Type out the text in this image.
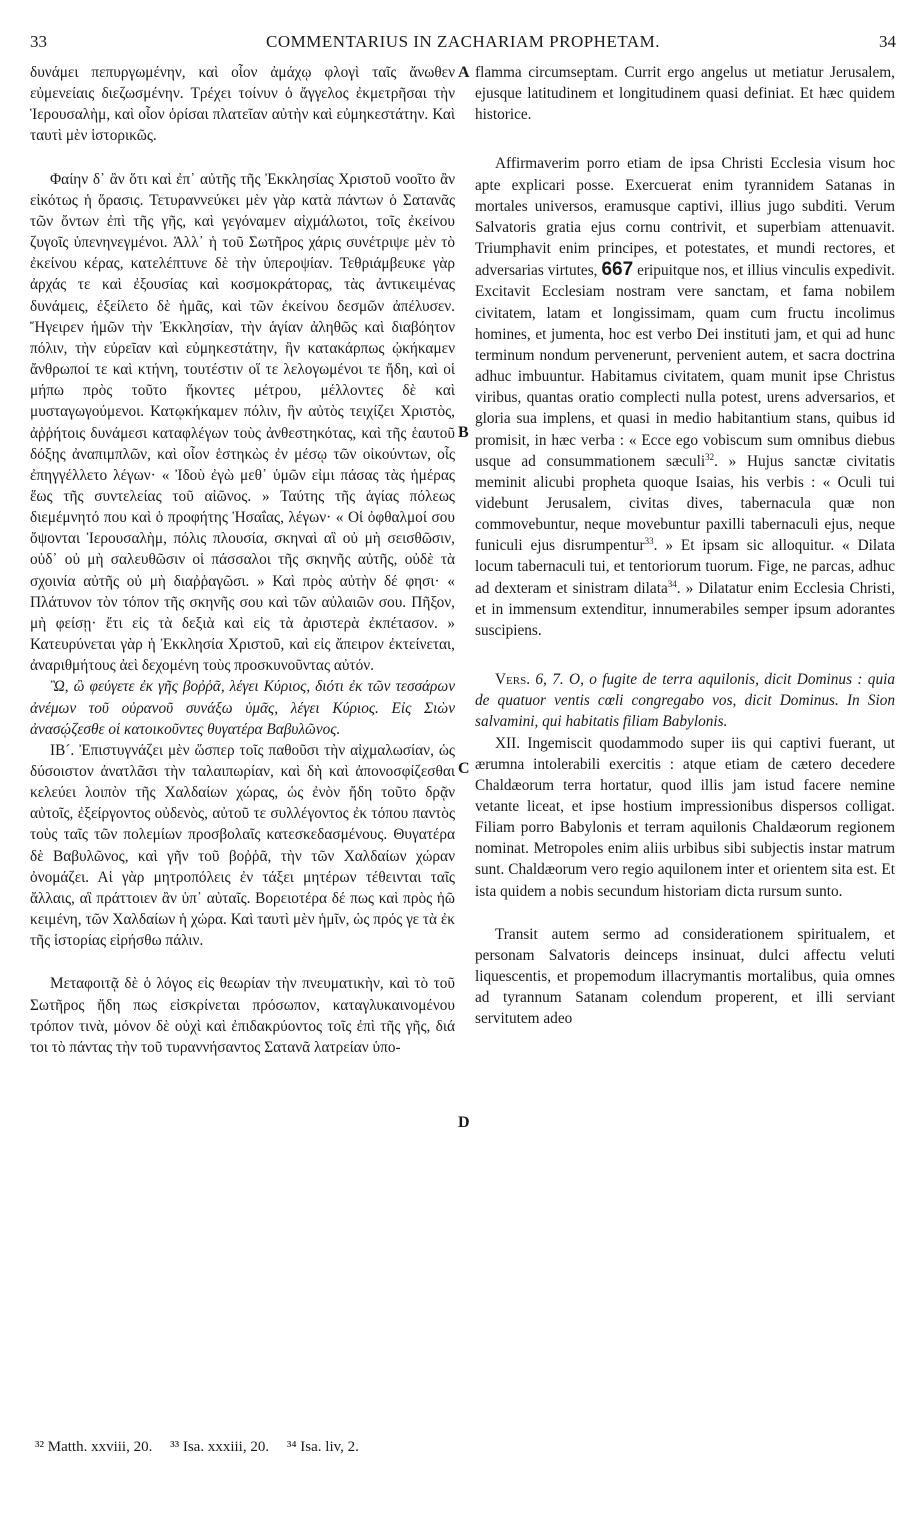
33	COMMENTARIUS IN ZACHARIAM PROPHETAM.	34
A
B
C
D

δυνάμει πεπυργωμένην, καὶ οἷον ἀμάχῳ φλογὶ ταῖς ἄνωθεν εὐμενείαις διεζωσμένην. Τρέχει τοίνυν ὁ ἄγγελος ἐκμετρῆσαι τὴν Ἱερουσαλὴμ, καὶ οἷον ὁρίσαι πλατεῖαν αὐτὴν καὶ εὐμηκεστάτην. Καὶ ταυτὶ μὲν ἱστορικῶς.

Φαίην δ᾽ ἂν ὅτι καὶ ἐπ᾽ αὐτῆς τῆς Ἐκκλησίας Χριστοῦ νοοῖτο ἂν εἰκότως ἡ ὅρασις. Τετυραννεύκει μὲν γὰρ κατὰ πάντων ὁ Σατανᾶς τῶν ὄντων ἐπὶ τῆς γῆς, καὶ γεγόναμεν αἰχμάλωτοι, τοῖς ἐκείνου ζυγοῖς ὑπενηνεγμένοι. Ἀλλ᾽ ἡ τοῦ Σωτῆρος χάρις συνέτριψε μὲν τὸ ἐκείνου κέρας, κατελέπτυνε δὲ τὴν ὑπεροψίαν. Τεθριάμβευκε γὰρ ἀρχάς τε καὶ ἐξουσίας καὶ κοσμοκράτορας, τὰς ἀντικειμένας δυνάμεις, ἐξείλετο δὲ ἡμᾶς, καὶ τῶν ἐκείνου δεσμῶν ἀπέλυσεν. Ἤγειρεν ἡμῶν τὴν Ἐκκλησίαν, τὴν ἁγίαν ἀληθῶς καὶ διαβόητον πόλιν, τὴν εὐρεῖαν καὶ εὐμηκεστάτην, ἣν κατακάρπως ᾠκήκαμεν ἄνθρωποί τε καὶ κτήνη, τουτέστιν οἵ τε λελογωμένοι τε ἤδη, καὶ οἱ μήπω πρὸς τοῦτο ἥκοντες μέτρου, μέλλοντες δὲ καὶ μυσταγωγούμενοι. Κατῳκήκαμεν πόλιν, ἣν αὐτὸς τειχίζει Χριστὸς, ἀῤῥήτοις δυνάμεσι καταφλέγων τοὺς ἀνθεστηκότας, καὶ τῆς ἑαυτοῦ δόξης ἀναπιμπλῶν, καὶ οἷον ἑστηκὼς ἐν μέσῳ τῶν οἰκούντων, οἷς ἐπηγγέλλετο λέγων· « Ἰδοὺ ἐγὼ μεθ᾽ ὑμῶν εἰμι πάσας τὰς ἡμέρας ἕως τῆς συντελείας τοῦ αἰῶνος. » Ταύτης τῆς ἁγίας πόλεως διεμέμνητό που καὶ ὁ προφήτης Ἡσαΐας, λέγων· « Οἱ ὀφθαλμοί σου ὄψονται Ἱερουσαλὴμ, πόλις πλουσία, σκηναὶ αἳ οὐ μὴ σεισθῶσιν, οὐδ᾽ οὐ μὴ σαλευθῶσιν οἱ πάσσαλοι τῆς σκηνῆς αὐτῆς, οὐδὲ τὰ σχοινία αὐτῆς οὐ μὴ διαῤῥαγῶσι. » Καὶ πρὸς αὐτὴν δέ φησι· « Πλάτυνον τὸν τόπον τῆς σκηνῆς σου καὶ τῶν αὐλαιῶν σου. Πῆξον, μὴ φείσῃ· ἔτι εἰς τὰ δεξιὰ καὶ εἰς τὰ ἀριστερὰ ἐκπέτασον. » Κατευρύνεται γὰρ ἡ Ἐκκλησία Χριστοῦ, καὶ εἰς ἄπειρον ἐκτείνεται, ἀναριθμήτους ἀεὶ δεχομένη τοὺς προσκυνοῦντας αὐτόν.

Ὢ, ὢ φεύγετε ἐκ γῆς βοῤῥᾶ, λέγει Κύριος, διότι ἐκ τῶν τεσσάρων ἀνέμων τοῦ οὐρανοῦ συνάξω ὑμᾶς, λέγει Κύριος. Εἰς Σιὼν ἀνασῴζεσθε οἱ κατοικοῦντες θυγατέρα Βαβυλῶνος.

ΙΒ´. Ἐπιστυγνάζει μὲν ὥσπερ τοῖς παθοῦσι τὴν αἰχμαλωσίαν, ὡς δύσοιστον ἀνατλᾶσι τὴν ταλαιπωρίαν, καὶ δὴ καὶ ἀπονοσφίζεσθαι κελεύει λοιπὸν τῆς Χαλδαίων χώρας, ὡς ἐνὸν ἤδη τοῦτο δρᾷν αὐτοῖς, ἐξείργοντος οὐδενὸς, αὐτοῦ τε συλλέγοντος ἐκ τόπου παντὸς τοὺς ταῖς τῶν πολεμίων προσβολαῖς κατεσκεδασμένους. Θυγατέρα δὲ Βαβυλῶνος, καὶ γῆν τοῦ βοῤῥᾶ, τὴν τῶν Χαλδαίων χώραν ὀνομάζει. Αἱ γὰρ μητροπόλεις ἐν τάξει μητέρων τέθεινται ταῖς ἄλλαις, αἳ πράττοιεν ἂν ὑπ᾽ αὐταῖς. Βορειοτέρα δέ πως καὶ πρὸς ἠῶ κειμένη, τῶν Χαλδαίων ἡ χώρα. Καὶ ταυτὶ μὲν ἡμῖν, ὡς πρός γε τὰ ἐκ τῆς ἱστορίας εἰρήσθω πάλιν.

Μεταφοιτᾷ δὲ ὁ λόγος εἰς θεωρίαν τὴν πνευματικὴν, καὶ τὸ τοῦ Σωτῆρος ἤδη πως εἰσκρίνεται πρόσωπον, καταγλυκαινομένου τρόπον τινὰ, μόνον δὲ οὐχὶ καὶ ἐπιδακρύοντος τοῖς ἐπὶ τῆς γῆς, διά τοι τὸ πάντας τὴν τοῦ τυραννήσαντος Σατανᾶ λατρείαν ὑπο-

flamma circumseptam. Currit ergo angelus ut metiatur Jerusalem, ejusque latitudinem et longitudinem quasi definiat. Et hæc quidem historice.

Affirmaverim porro etiam de ipsa Christi Ecclesia visum hoc apte explicari posse. Exercuerat enim tyrannidem Satanas in mortales universos, eramusque captivi, illius jugo subditi. Verum Salvatoris gratia ejus cornu contrivit, et superbiam attenuavit. Triumphavit enim principes, et potestates, et mundi rectores, et adversarias virtutes, 667 eripuitque nos, et illius vinculis expedivit. Excitavit Ecclesiam nostram vere sanctam, et fama nobilem civitatem, latam et longissimam, quam cum fructu incolimus homines, et jumenta, hoc est verbo Dei instituti jam, et qui ad hunc terminum nondum pervenerunt, pervenient autem, et sacra doctrina adhuc imbuuntur. Habitamus civitatem, quam munit ipse Christus viribus, quantas oratio complecti nulla potest, urens adversarios, et gloria sua implens, et quasi in medio habitantium stans, quibus id promisit, in hæc verba : « Ecce ego vobiscum sum omnibus diebus usque ad consummationem sæculi$^{32}$. » Hujus sanctæ civitatis meminit alicubi propheta quoque Isaias, his verbis : « Oculi tui videbunt Jerusalem, civitas dives, tabernacula quæ non commovebuntur, neque movebuntur paxilli tabernaculi ejus, neque funiculi ejus disrumpentur$^{33}$. » Et ipsam sic alloquitur. « Dilata locum tabernaculi tui, et tentoriorum tuorum. Fige, ne parcas, adhuc ad dexteram et sinistram dilata$^{34}$. » Dilatatur enim Ecclesia Christi, et in immensum extenditur, innumerabiles semper ipsum adorantes suscipiens.

Vers. 6, 7. O, o fugite de terra aquilonis, dicit Dominus : quia de quatuor ventis cœli congregabo vos, dicit Dominus. In Sion salvamini, qui habitatis filiam Babylonis.

XII. Ingemiscit quodammodo super iis qui captivi fuerant, ut ærumna intolerabili exercitis : atque etiam de cætero decedere Chaldæorum terra hortatur, quod illis jam istud facere nemine vetante liceat, et ipse hostium impressionibus dispersos colligat. Filiam porro Babylonis et terram aquilonis Chaldæorum regionem nominat. Metropoles enim aliis urbibus sibi subjectis instar matrum sunt. Chaldæorum vero regio aquilonem inter et orientem sita est. Et ista quidem a nobis secundum historiam dicta rursum sunto.

Transit autem sermo ad considerationem spiritualem, et personam Salvatoris deinceps insinuat, dulci affectu veluti liquescentis, et propemodum illacrymantis mortalibus, quia omnes ad tyrannum Satanam colendum properent, et illi serviant servitutem adeo

³² Matth. xxviii, 20. ³³ Isa. xxxiii, 20. ³⁴ Isa. liv, 2.
